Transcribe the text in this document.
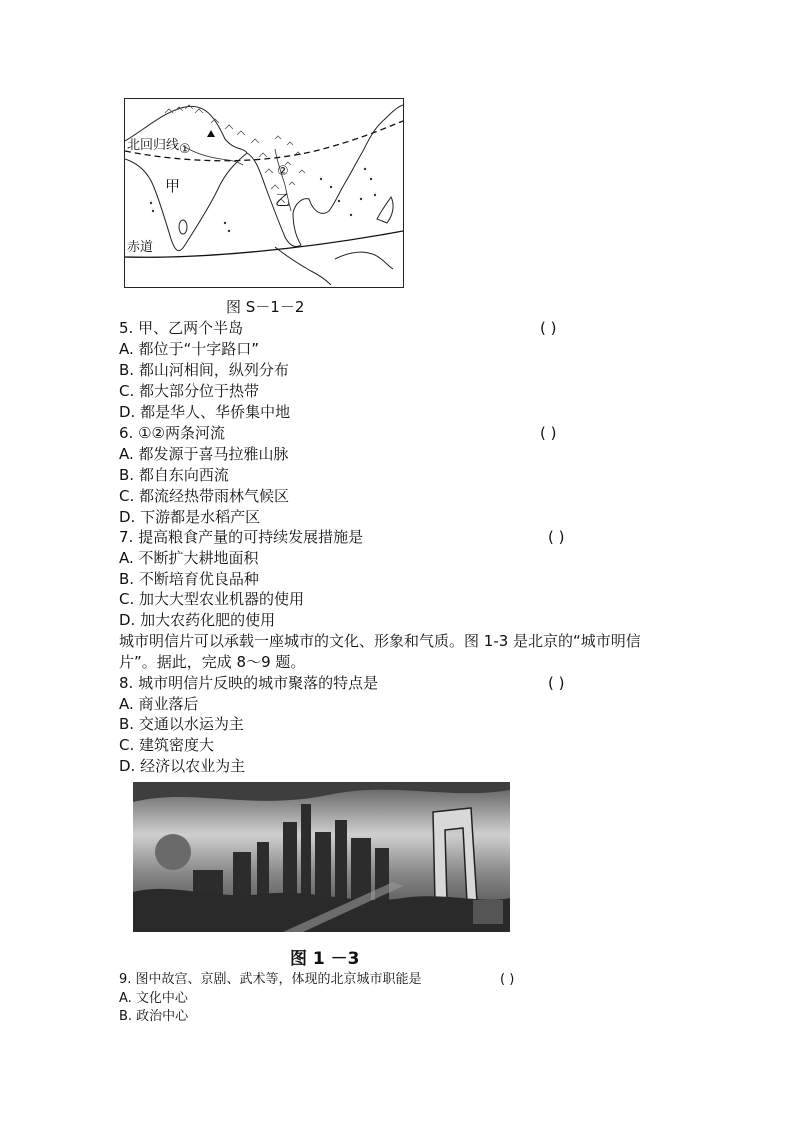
北回归线 ①
②
甲
乙
赤道
图 S－1－2
5. 甲、乙两个半岛	( )
A. 都位于“十字路口”
B. 都山河相间，纵列分布
C. 都大部分位于热带
D. 都是华人、华侨集中地
6. ①②两条河流	( )
A. 都发源于喜马拉雅山脉
B. 都自东向西流
C. 都流经热带雨林气候区
D. 下游都是水稻产区
7. 提高粮食产量的可持续发展措施是	( )
A. 不断扩大耕地面积
B. 不断培育优良品种
C. 加大大型农业机器的使用
D. 加大农药化肥的使用
城市明信片可以承载一座城市的文化、形象和气质。图 1-3 是北京的“城市明信
片”。据此，完成 8～9 题。
8. 城市明信片反映的城市聚落的特点是	( )
A. 商业落后
B. 交通以水运为主
C. 建筑密度大
D. 经济以农业为主
图 1 －3
9. 图中故宫、京剧、武术等，体现的北京城市职能是	( )
A. 文化中心
B. 政治中心
